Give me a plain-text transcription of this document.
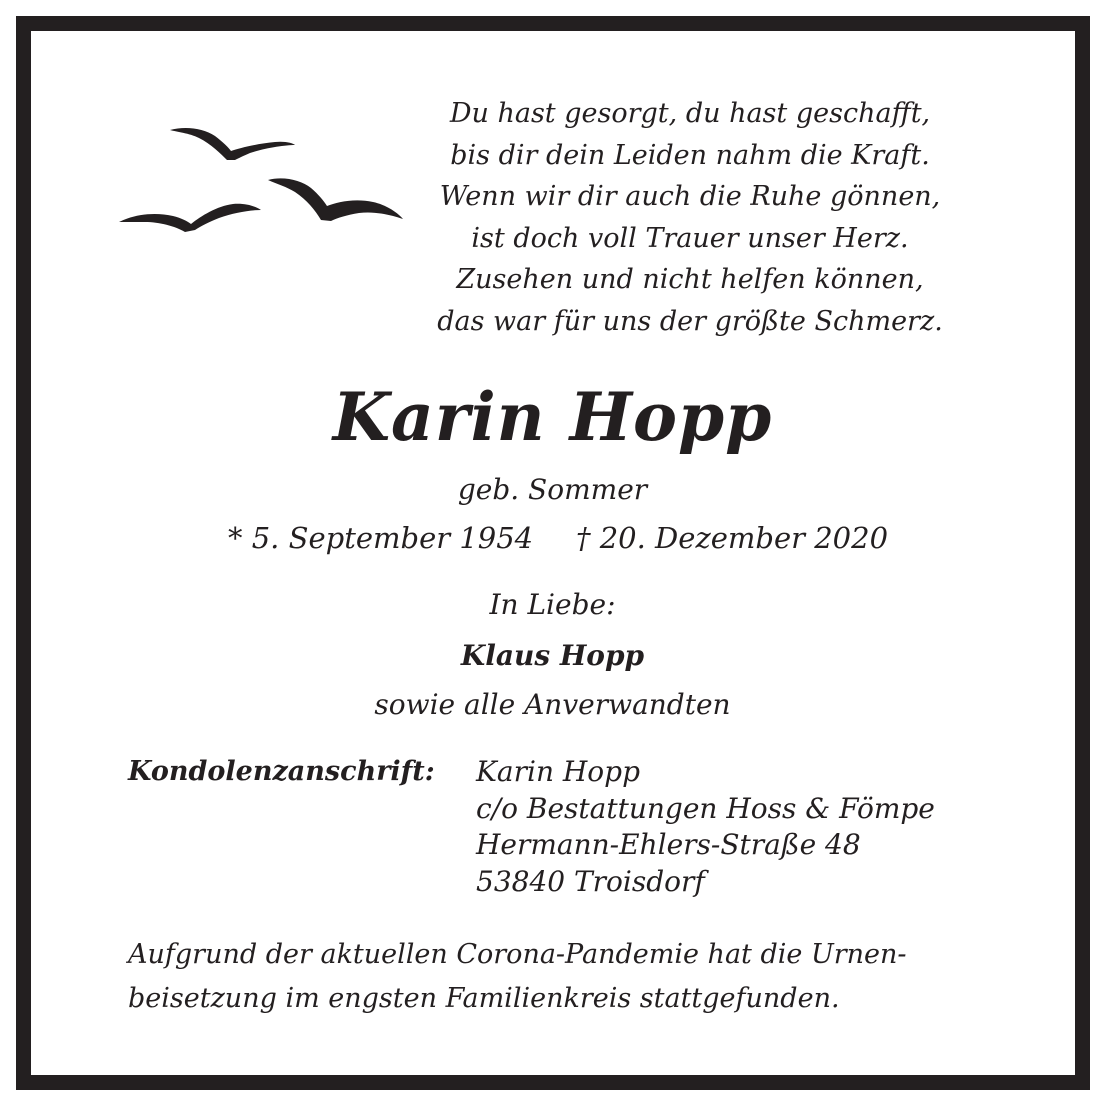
Du hast gesorgt, du hast geschafft,
bis dir dein Leiden nahm die Kraft.
Wenn wir dir auch die Ruhe gönnen,
ist doch voll Trauer unser Herz.
Zusehen und nicht helfen können,
das war für uns der größte Schmerz.
Karin Hopp
geb. Sommer
* 5. September 1954 † 20. Dezember 2020
In Liebe:
Klaus Hopp
sowie alle Anverwandten
Kondolenzanschrift: Karin Hopp
c/o Bestattungen Hoss & Fömpe
Hermann-Ehlers-Straße 48
53840 Troisdorf
Aufgrund der aktuellen Corona-Pandemie hat die Urnen-
beisetzung im engsten Familienkreis stattgefunden.
